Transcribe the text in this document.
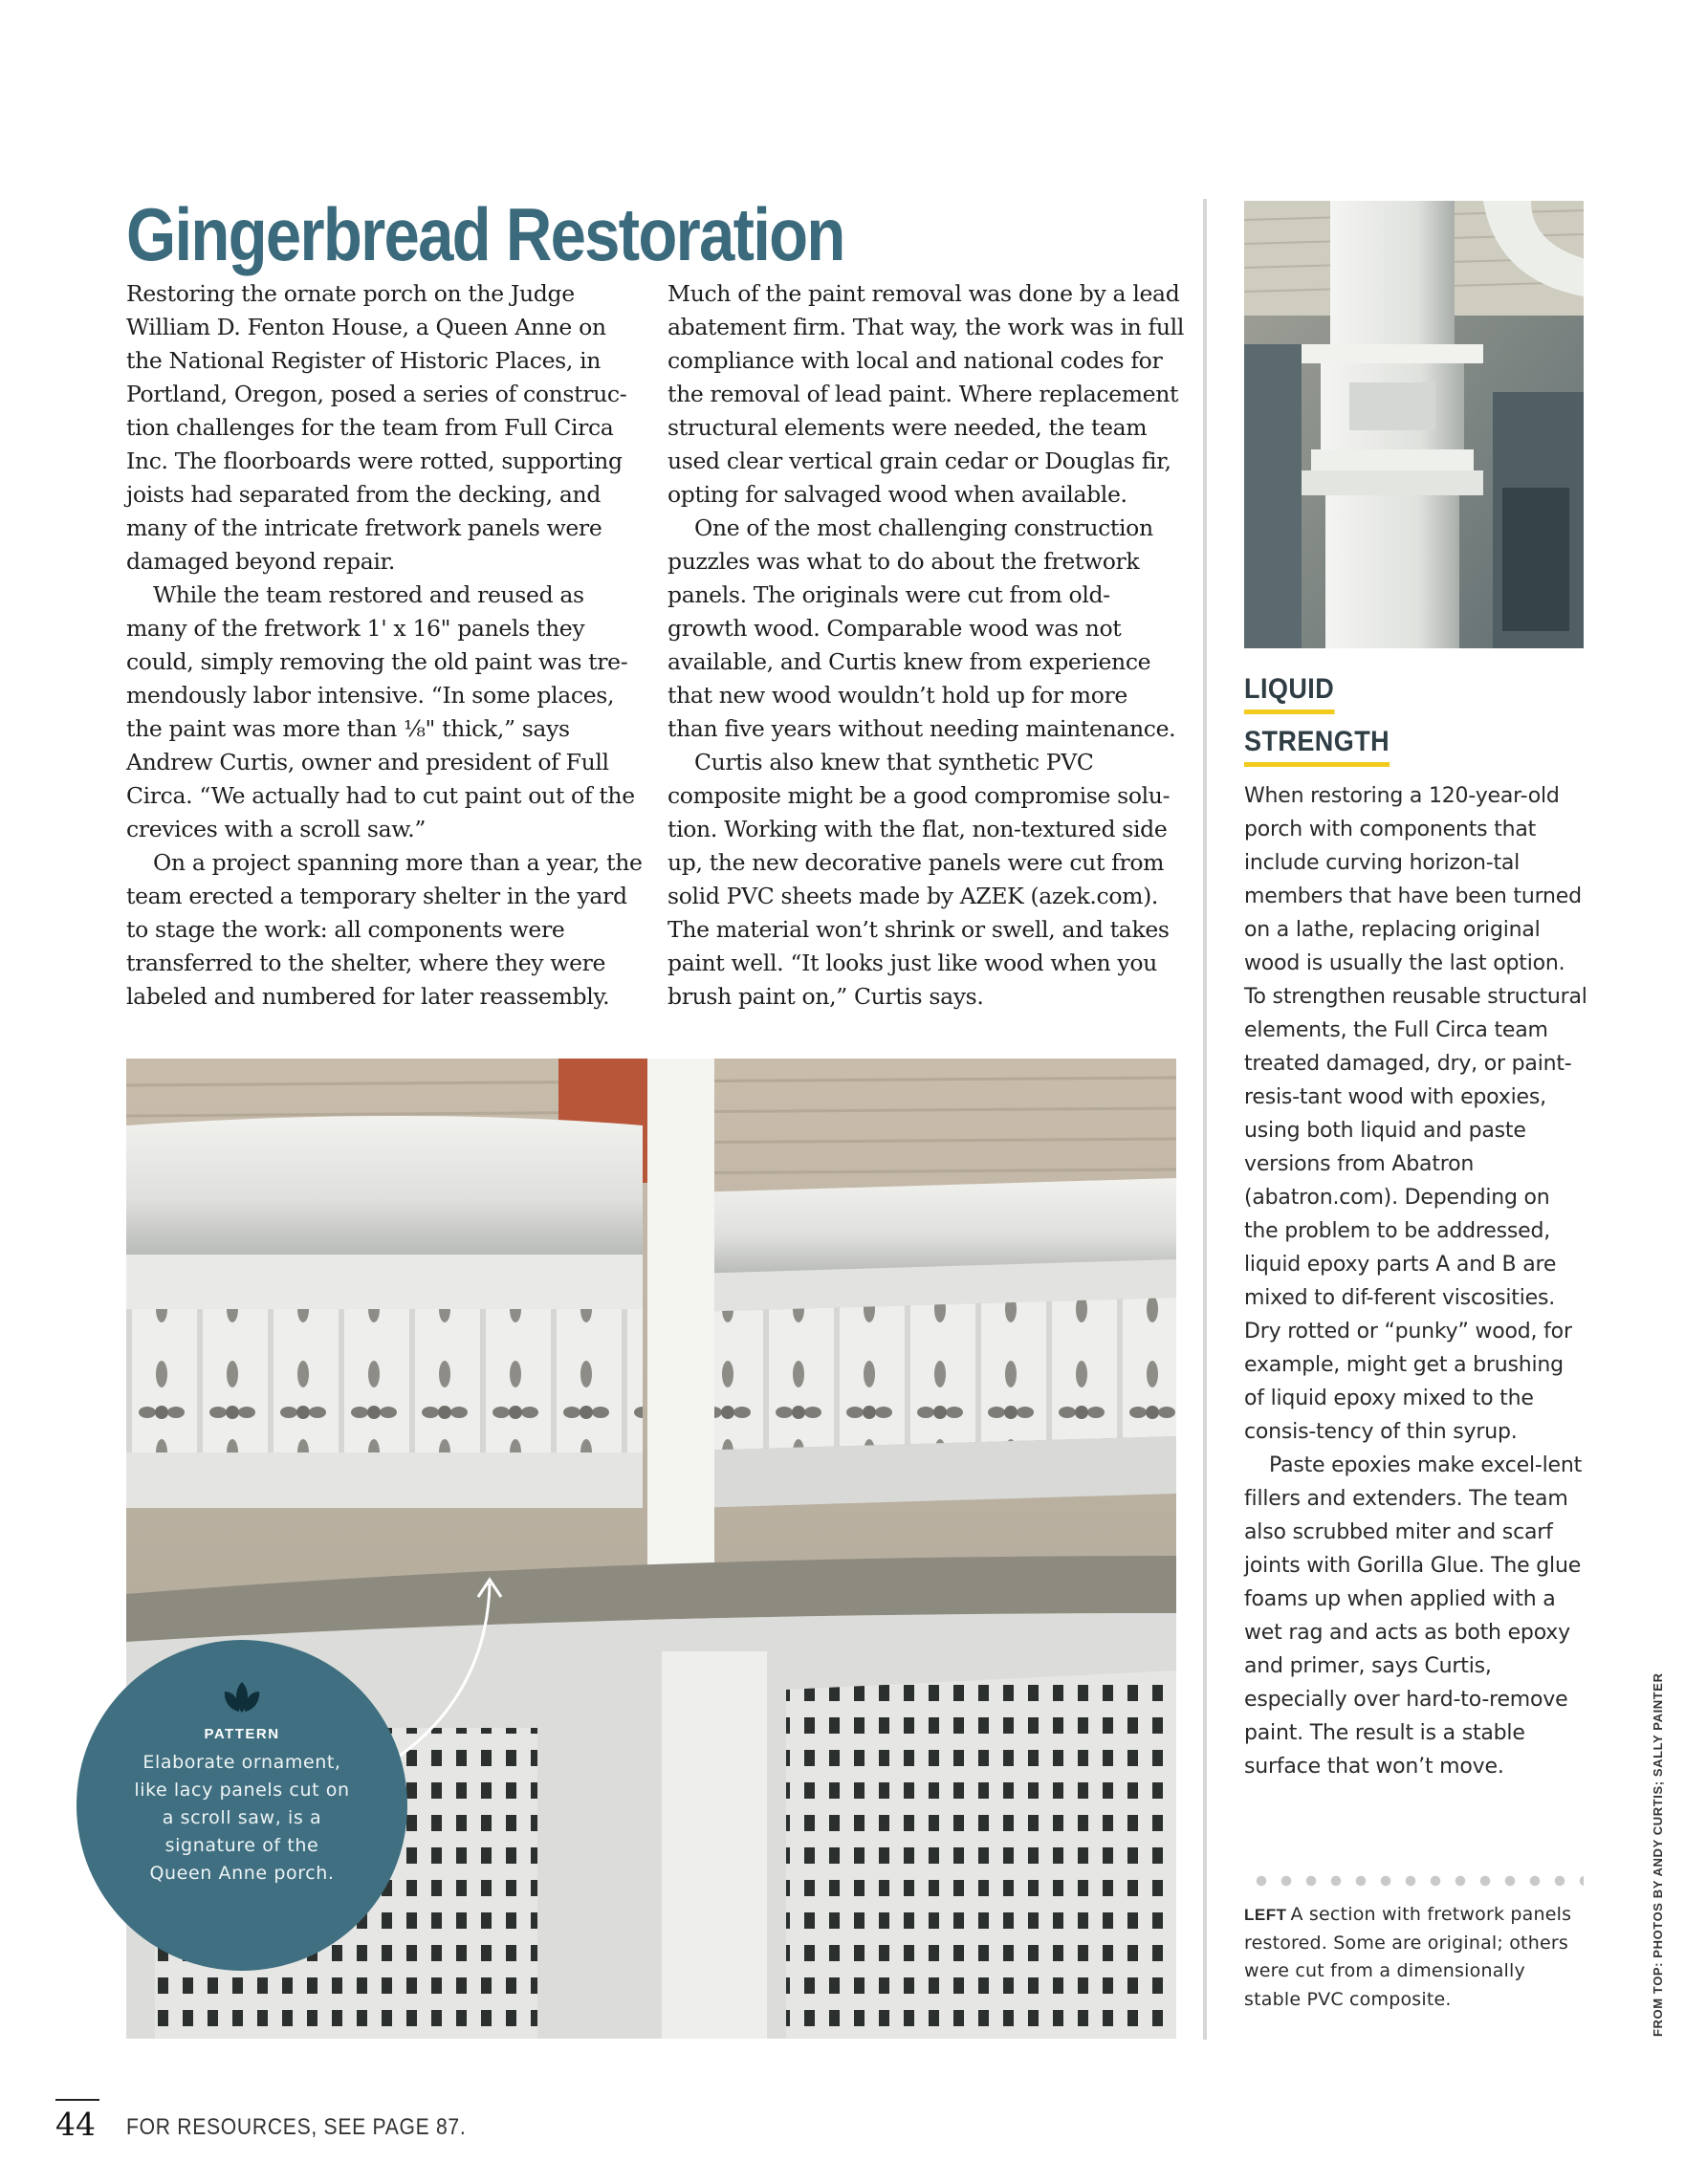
Gingerbread Restoration

Restoring the ornate porch on the Judge William D. Fenton House, a Queen Anne on the National Register of Historic Places, in Portland, Oregon, posed a series of construc-tion challenges for the team from Full Circa Inc. The floorboards were rotted, supporting joists had separated from the decking, and many of the intricate fretwork panels were damaged beyond repair.

While the team restored and reused as many of the fretwork 1' x 16" panels they could, simply removing the old paint was tre-mendously labor intensive. “In some places, the paint was more than ⅛" thick,” says Andrew Curtis, owner and president of Full Circa. “We actually had to cut paint out of the crevices with a scroll saw.”

On a project spanning more than a year, the team erected a temporary shelter in the yard to stage the work: all components were transferred to the shelter, where they were labeled and numbered for later reassembly.

Much of the paint removal was done by a lead abatement firm. That way, the work was in full compliance with local and national codes for the removal of lead paint. Where replacement structural elements were needed, the team used clear vertical grain cedar or Douglas fir, opting for salvaged wood when available.

One of the most challenging construction puzzles was what to do about the fretwork panels. The originals were cut from old-growth wood. Comparable wood was not available, and Curtis knew from experience that new wood wouldn’t hold up for more than five years without needing maintenance.

Curtis also knew that synthetic PVC composite might be a good compromise solu-tion. Working with the flat, non-textured side up, the new decorative panels were cut from solid PVC sheets made by AZEK (azek.com). The material won’t shrink or swell, and takes paint well. “It looks just like wood when you brush paint on,” Curtis says.

PATTERN
Elaborate ornament, like lacy panels cut on a scroll saw, is a signature of the Queen Anne porch.
LIQUID
STRENGTH

When restoring a 120-year-old porch with components that include curving horizon-tal members that have been turned on a lathe, replacing original wood is usually the last option. To strengthen reusable structural elements, the Full Circa team treated damaged, dry, or paint-resis-tant wood with epoxies, using both liquid and paste versions from Abatron (abatron.com). Depending on the problem to be addressed, liquid epoxy parts A and B are mixed to dif-ferent viscosities. Dry rotted or “punky” wood, for example, might get a brushing of liquid epoxy mixed to the consis-tency of thin syrup.

Paste epoxies make excel-lent fillers and extenders. The team also scrubbed miter and scarf joints with Gorilla Glue. The glue foams up when applied with a wet rag and acts as both epoxy and primer, says Curtis, especially over hard-to-remove paint. The result is a stable surface that won’t move.

LEFT A section with fretwork panels restored. Some are original; others were cut from a dimensionally stable PVC composite.	FROM TOP: PHOTOS BY ANDY CURTIS; SALLY PAINTER
44 FOR RESOURCES, SEE PAGE 87.
